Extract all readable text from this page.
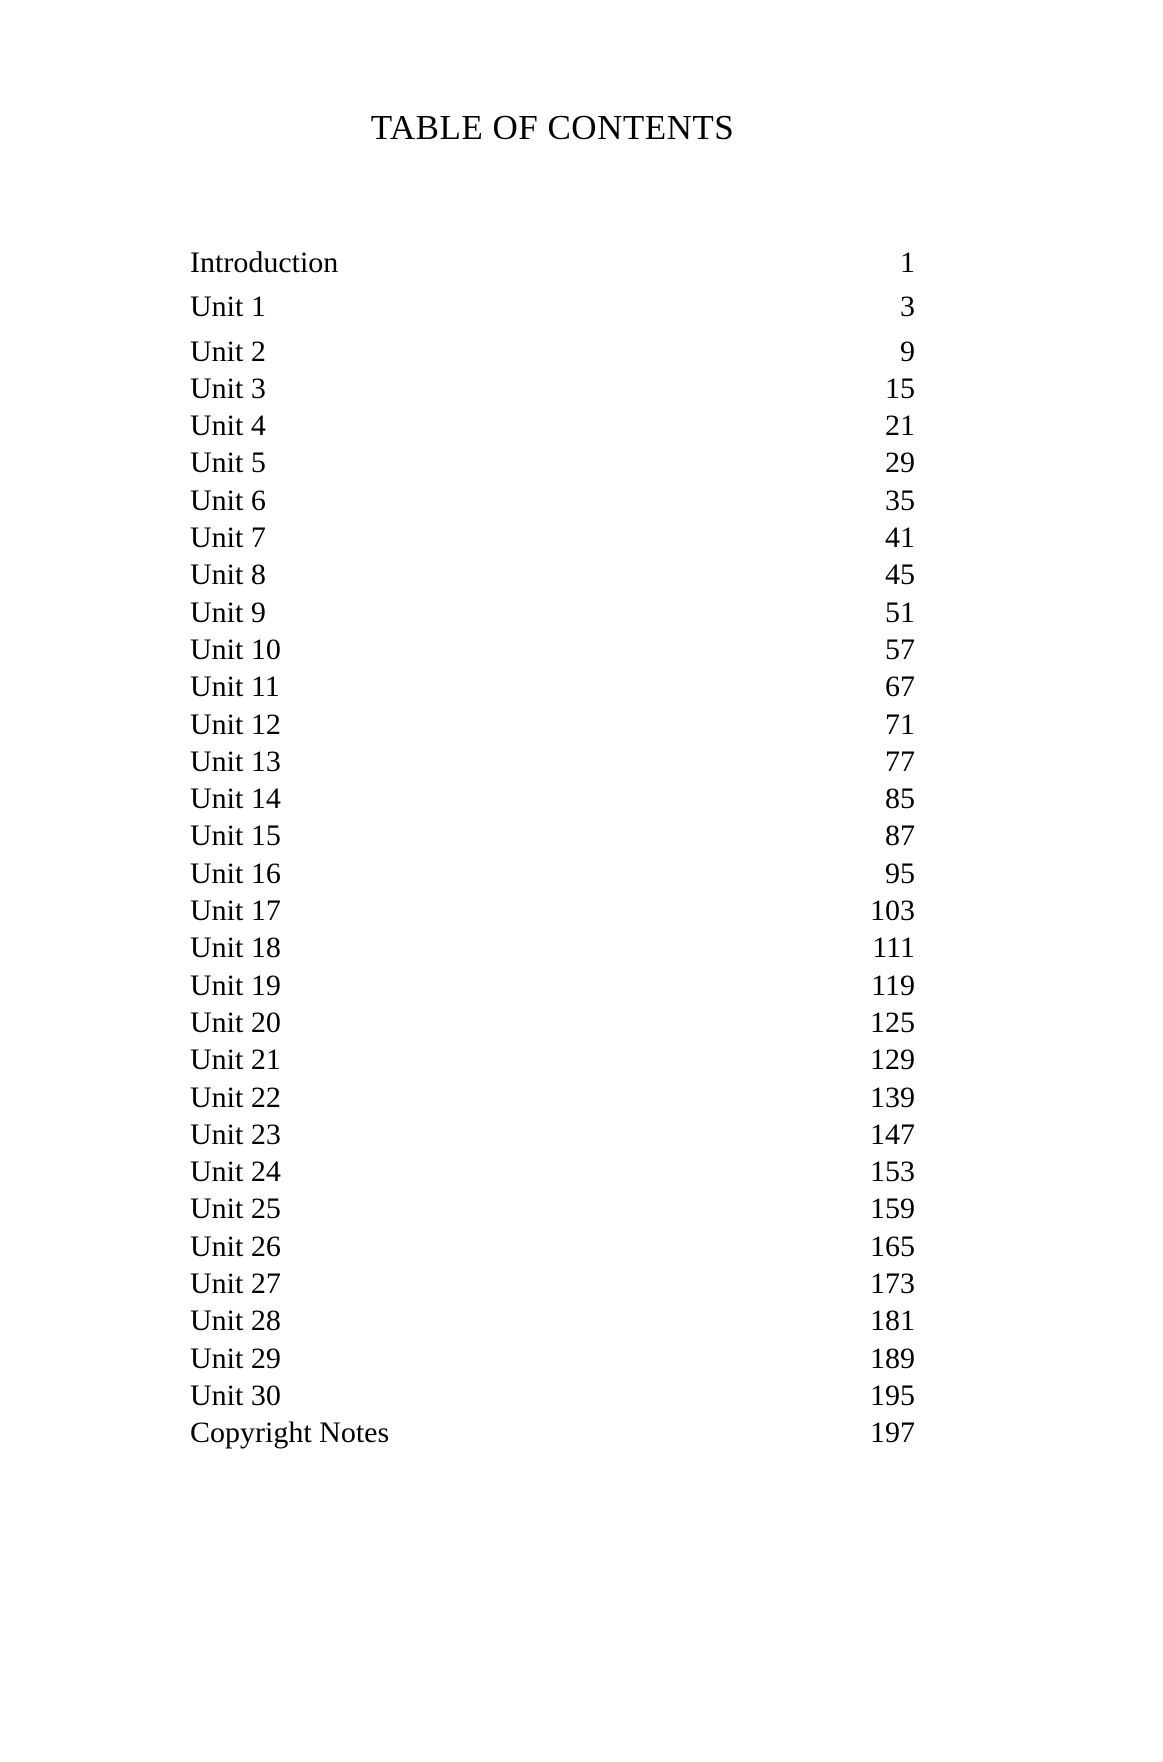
TABLE OF CONTENTS
Introduction	1
Unit 1	3
Unit 2	9
Unit 3	15
Unit 4	21
Unit 5	29
Unit 6	35
Unit 7	41
Unit 8	45
Unit 9	51
Unit 10	57
Unit 11	67
Unit 12	71
Unit 13	77
Unit 14	85
Unit 15	87
Unit 16	95
Unit 17	103
Unit 18	111
Unit 19	119
Unit 20	125
Unit 21	129
Unit 22	139
Unit 23	147
Unit 24	153
Unit 25	159
Unit 26	165
Unit 27	173
Unit 28	181
Unit 29	189
Unit 30	195
Copyright Notes	197
